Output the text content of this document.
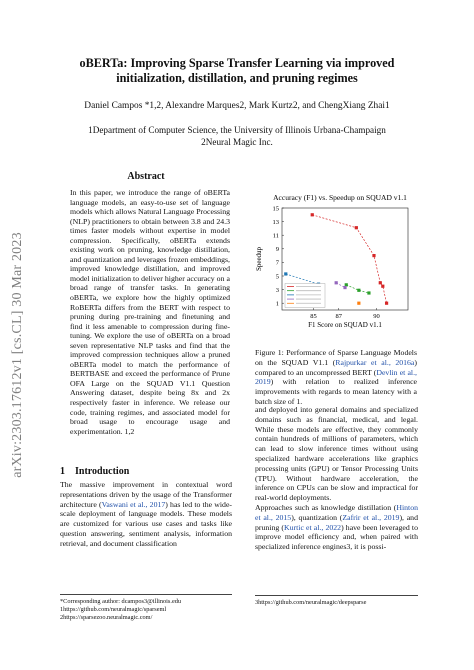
oBERTa: Improving Sparse Transfer Learning via improved
initialization, distillation, and pruning regimes
Daniel Campos *1,2, Alexandre Marques2, Mark Kurtz2, and ChengXiang Zhai1
1Department of Computer Science, the University of Illinois Urbana-Champaign
2Neural Magic Inc.
arXiv:2303.17612v1 [cs.CL] 30 Mar 2023
Abstract
In this paper, we introduce the range of oBERTa language models, an easy-to-use set of language models which allows Natural Language Processing (NLP) practitioners to obtain between 3.8 and 24.3 times faster models without expertise in model compression. Specifically, oBERTa extends existing work on pruning, knowledge distillation, and quantization and leverages frozen embeddings, improved knowledge distillation, and improved model initialization to deliver higher accuracy on a broad range of transfer tasks. In generating oBERTa, we explore how the highly optimized RoBERTa differs from the BERT with respect to pruning during pre-training and finetuning and find it less amenable to compression during fine-tuning. We explore the use of oBERTa on a broad seven representative NLP tasks and find that the improved compression techniques allow a pruned oBERTa model to match the performance of BERTBASE and exceed the performance of Prune OFA Large on the SQUAD V1.1 Question Answering dataset, despite being 8x and 2x respectively faster in inference. We release our code, training regimes, and associated model for broad usage to encourage usage and experimentation. 1,2
1 Introduction
The massive improvement in contextual word representations driven by the usage of the Transformer architecture (Vaswani et al., 2017) has led to the wide-scale deployment of language models. These models are customized for various use cases and tasks like question answering, sentiment analysis, information retrieval, and document classification
*Corresponding author: dcampos3@illinois.edu
1https://github.com/neuralmagic/sparseml
2https://sparsezoo.neuralmagic.com/
Accuracy (F1) vs. Speedup on SQUAD v1.1
1
3
5
7
9
11
13
15
85	87	90
Speedup
F1 Score on SQUAD v1.1
Figure 1: Performance of Sparse Language Models on the SQUAD V1.1 (Rajpurkar et al., 2016a) compared to an uncompressed BERT (Devlin et al., 2019) with relation to realized inference improvements with regards to mean latency with a batch size of 1.

and deployed into general domains and specialized domains such as financial, medical, and legal. While these models are effective, they commonly contain hundreds of millions of parameters, which can lead to slow inference times without using specialized hardware accelerations like graphics processing units (GPU) or Tensor Processing Units (TPU). Without hardware acceleration, the inference on CPUs can be slow and impractical for real-world deployments.

Approaches such as knowledge distillation (Hinton et al., 2015), quantization (Zafrir et al., 2019), and pruning (Kurtic et al., 2022) have been leveraged to improve model efficiency and, when paired with specialized inference engines3, it is possi-

3https://github.com/neuralmagic/deepsparse
